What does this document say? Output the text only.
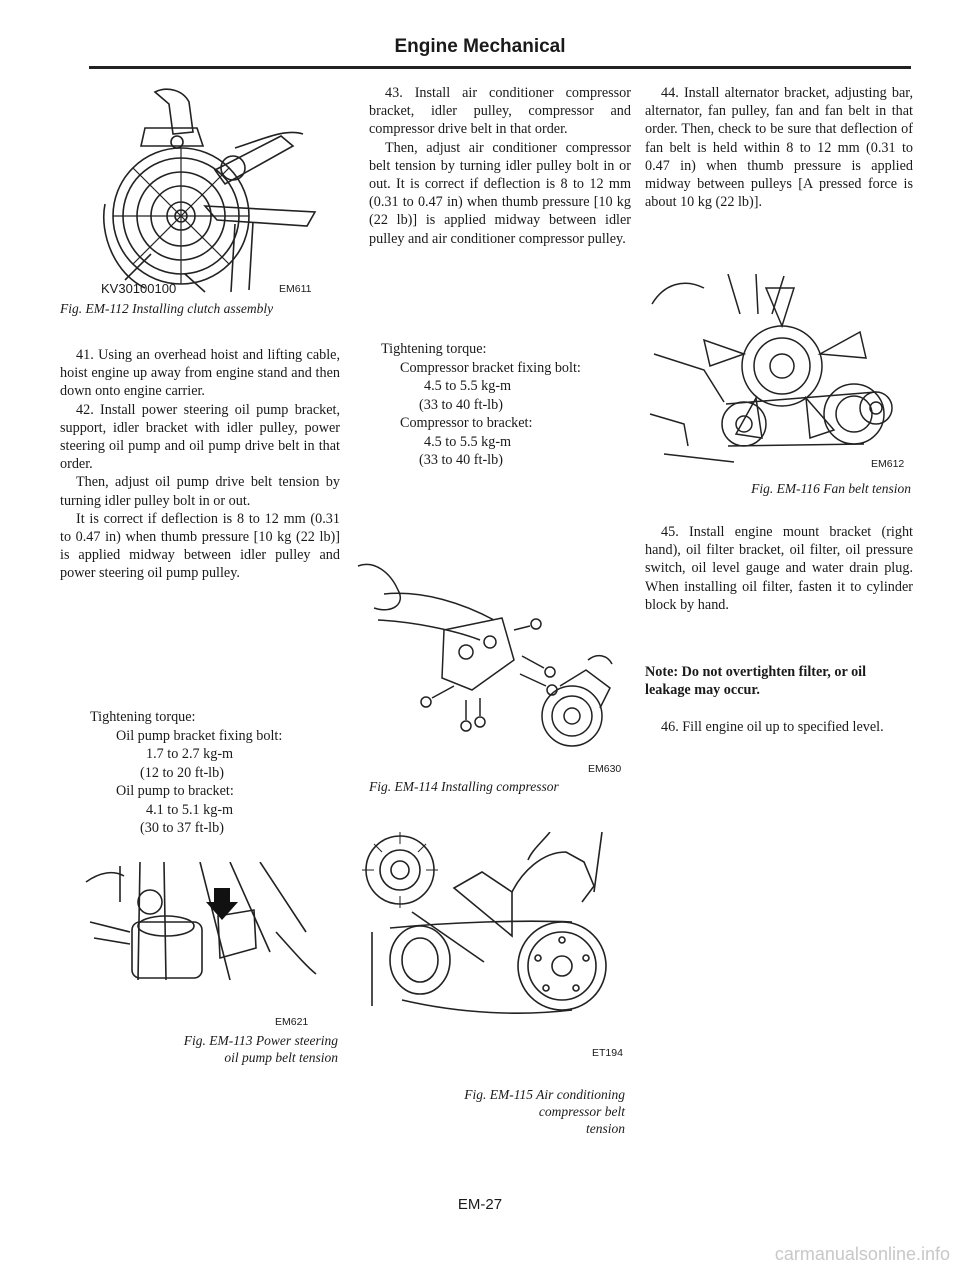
Engine Mechanical
EM611
KV30100100
Fig. EM-112 Installing clutch assembly

41. Using an overhead hoist and lifting cable, hoist engine up away from engine stand and then down onto engine carrier.

42. Install power steering oil pump bracket, support, idler bracket with idler pulley, power steering oil pump and oil pump drive belt in that order.

Then, adjust oil pump drive belt tension by turning idler pulley bolt in or out.

It is correct if deflection is 8 to 12 mm (0.31 to 0.47 in) when thumb pressure [10 kg (22 lb)] is applied midway between idler pulley and power steering oil pump pulley.

Tightening torque:
Oil pump bracket fixing bolt:
1.7 to 2.7 kg-m
(12 to 20 ft-lb)
Oil pump to bracket:
4.1 to 5.1 kg-m
(30 to 37 ft-lb)
EM621
Fig. EM-113 Power steering
oil pump belt tension

43. Install air conditioner compressor bracket, idler pulley, compressor and compressor drive belt in that order.

Then, adjust air conditioner compressor belt tension by turning idler pulley bolt in or out. It is correct if deflection is 8 to 12 mm (0.31 to 0.47 in) when thumb pressure [10 kg (22 lb)] is applied midway between idler pulley and air conditioner compressor pulley.

Tightening torque:
Compressor bracket fixing bolt:
4.5 to 5.5 kg-m
(33 to 40 ft-lb)
Compressor to bracket:
4.5 to 5.5 kg-m
(33 to 40 ft-lb)
EM630
Fig. EM-114 Installing compressor
ET194
Fig. EM-115 Air conditioning
compressor belt
tension

44. Install alternator bracket, adjusting bar, alternator, fan pulley, fan and fan belt in that order. Then, check to be sure that deflection of fan belt is held within 8 to 12 mm (0.31 to 0.47 in) when thumb pressure is applied midway between pulleys [A pressed force is about 10 kg (22 lb)].

EM612
Fig. EM-116 Fan belt tension

45. Install engine mount bracket (right hand), oil filter bracket, oil filter, oil pressure switch, oil level gauge and water drain plug. When installing oil filter, fasten it to cylinder block by hand.

Note: Do not overtighten filter, or oil leakage may occur.

46. Fill engine oil up to specified level.

EM-27
carmanualsonline.info
